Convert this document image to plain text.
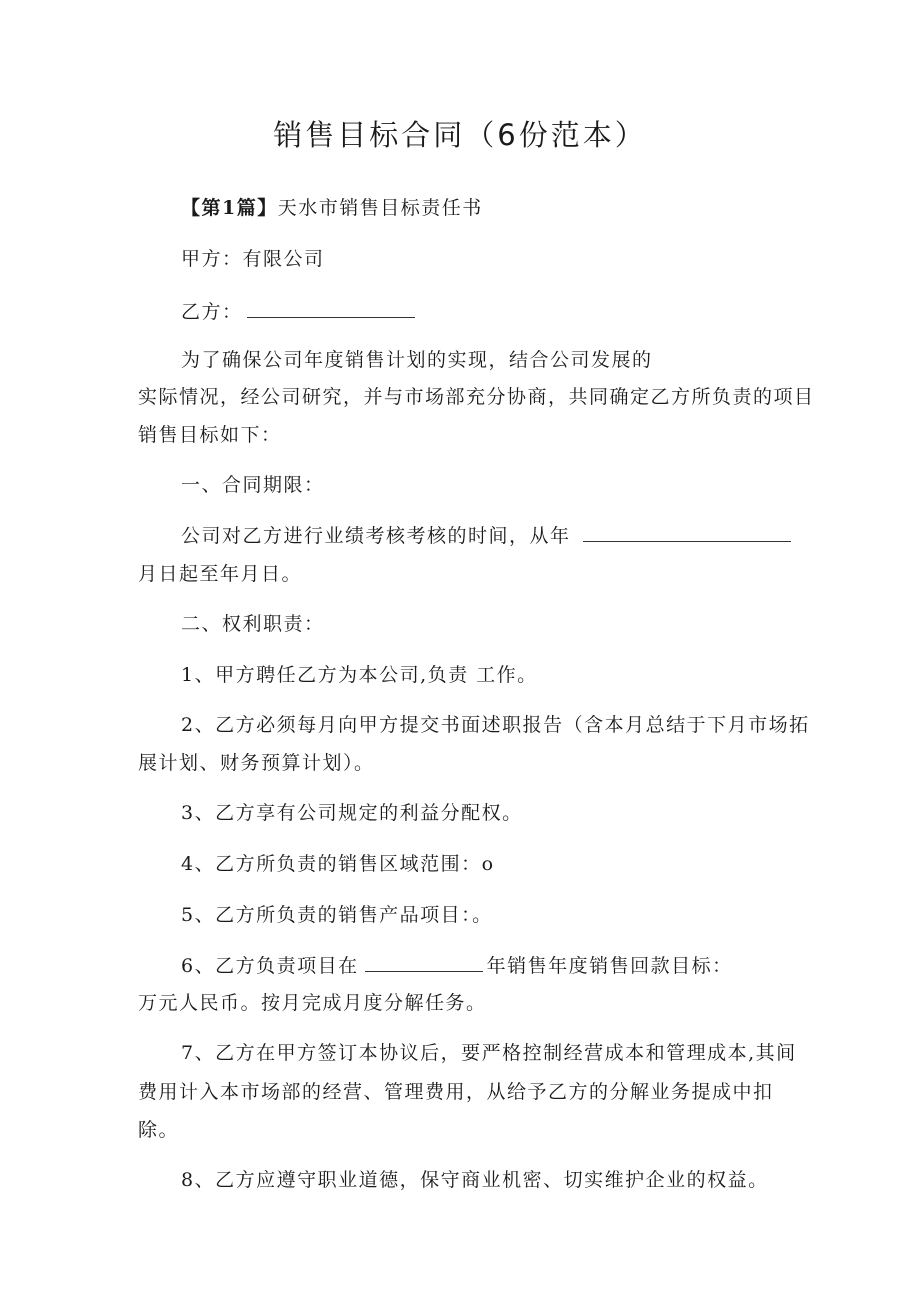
销售目标合同（6份范本）
【第1篇】天水市销售目标责任书
甲方：有限公司
乙方：
为了确保公司年度销售计划的实现，结合公司发展的
实际情况，经公司研究，并与市场部充分协商，共同确定乙方所负责的项目
销售目标如下：
一、合同期限：
公司对乙方进行业绩考核考核的时间，从年
月日起至年月日。
二、权利职责：
1、甲方聘任乙方为本公司,负责 工作。
2、乙方必须每月向甲方提交书面述职报告（含本月总结于下月市场拓
展计划、财务预算计划）。
3、乙方享有公司规定的利益分配权。
4、乙方所负责的销售区域范围：o
5、乙方所负责的销售产品项目：。
6、乙方负责项目在	年销售年度销售回款目标：
万元人民币。按月完成月度分解任务。
7、乙方在甲方签订本协议后，要严格控制经营成本和管理成本,其间
费用计入本市场部的经营、管理费用，从给予乙方的分解业务提成中扣
除。
8、乙方应遵守职业道德，保守商业机密、切实维护企业的权益。
